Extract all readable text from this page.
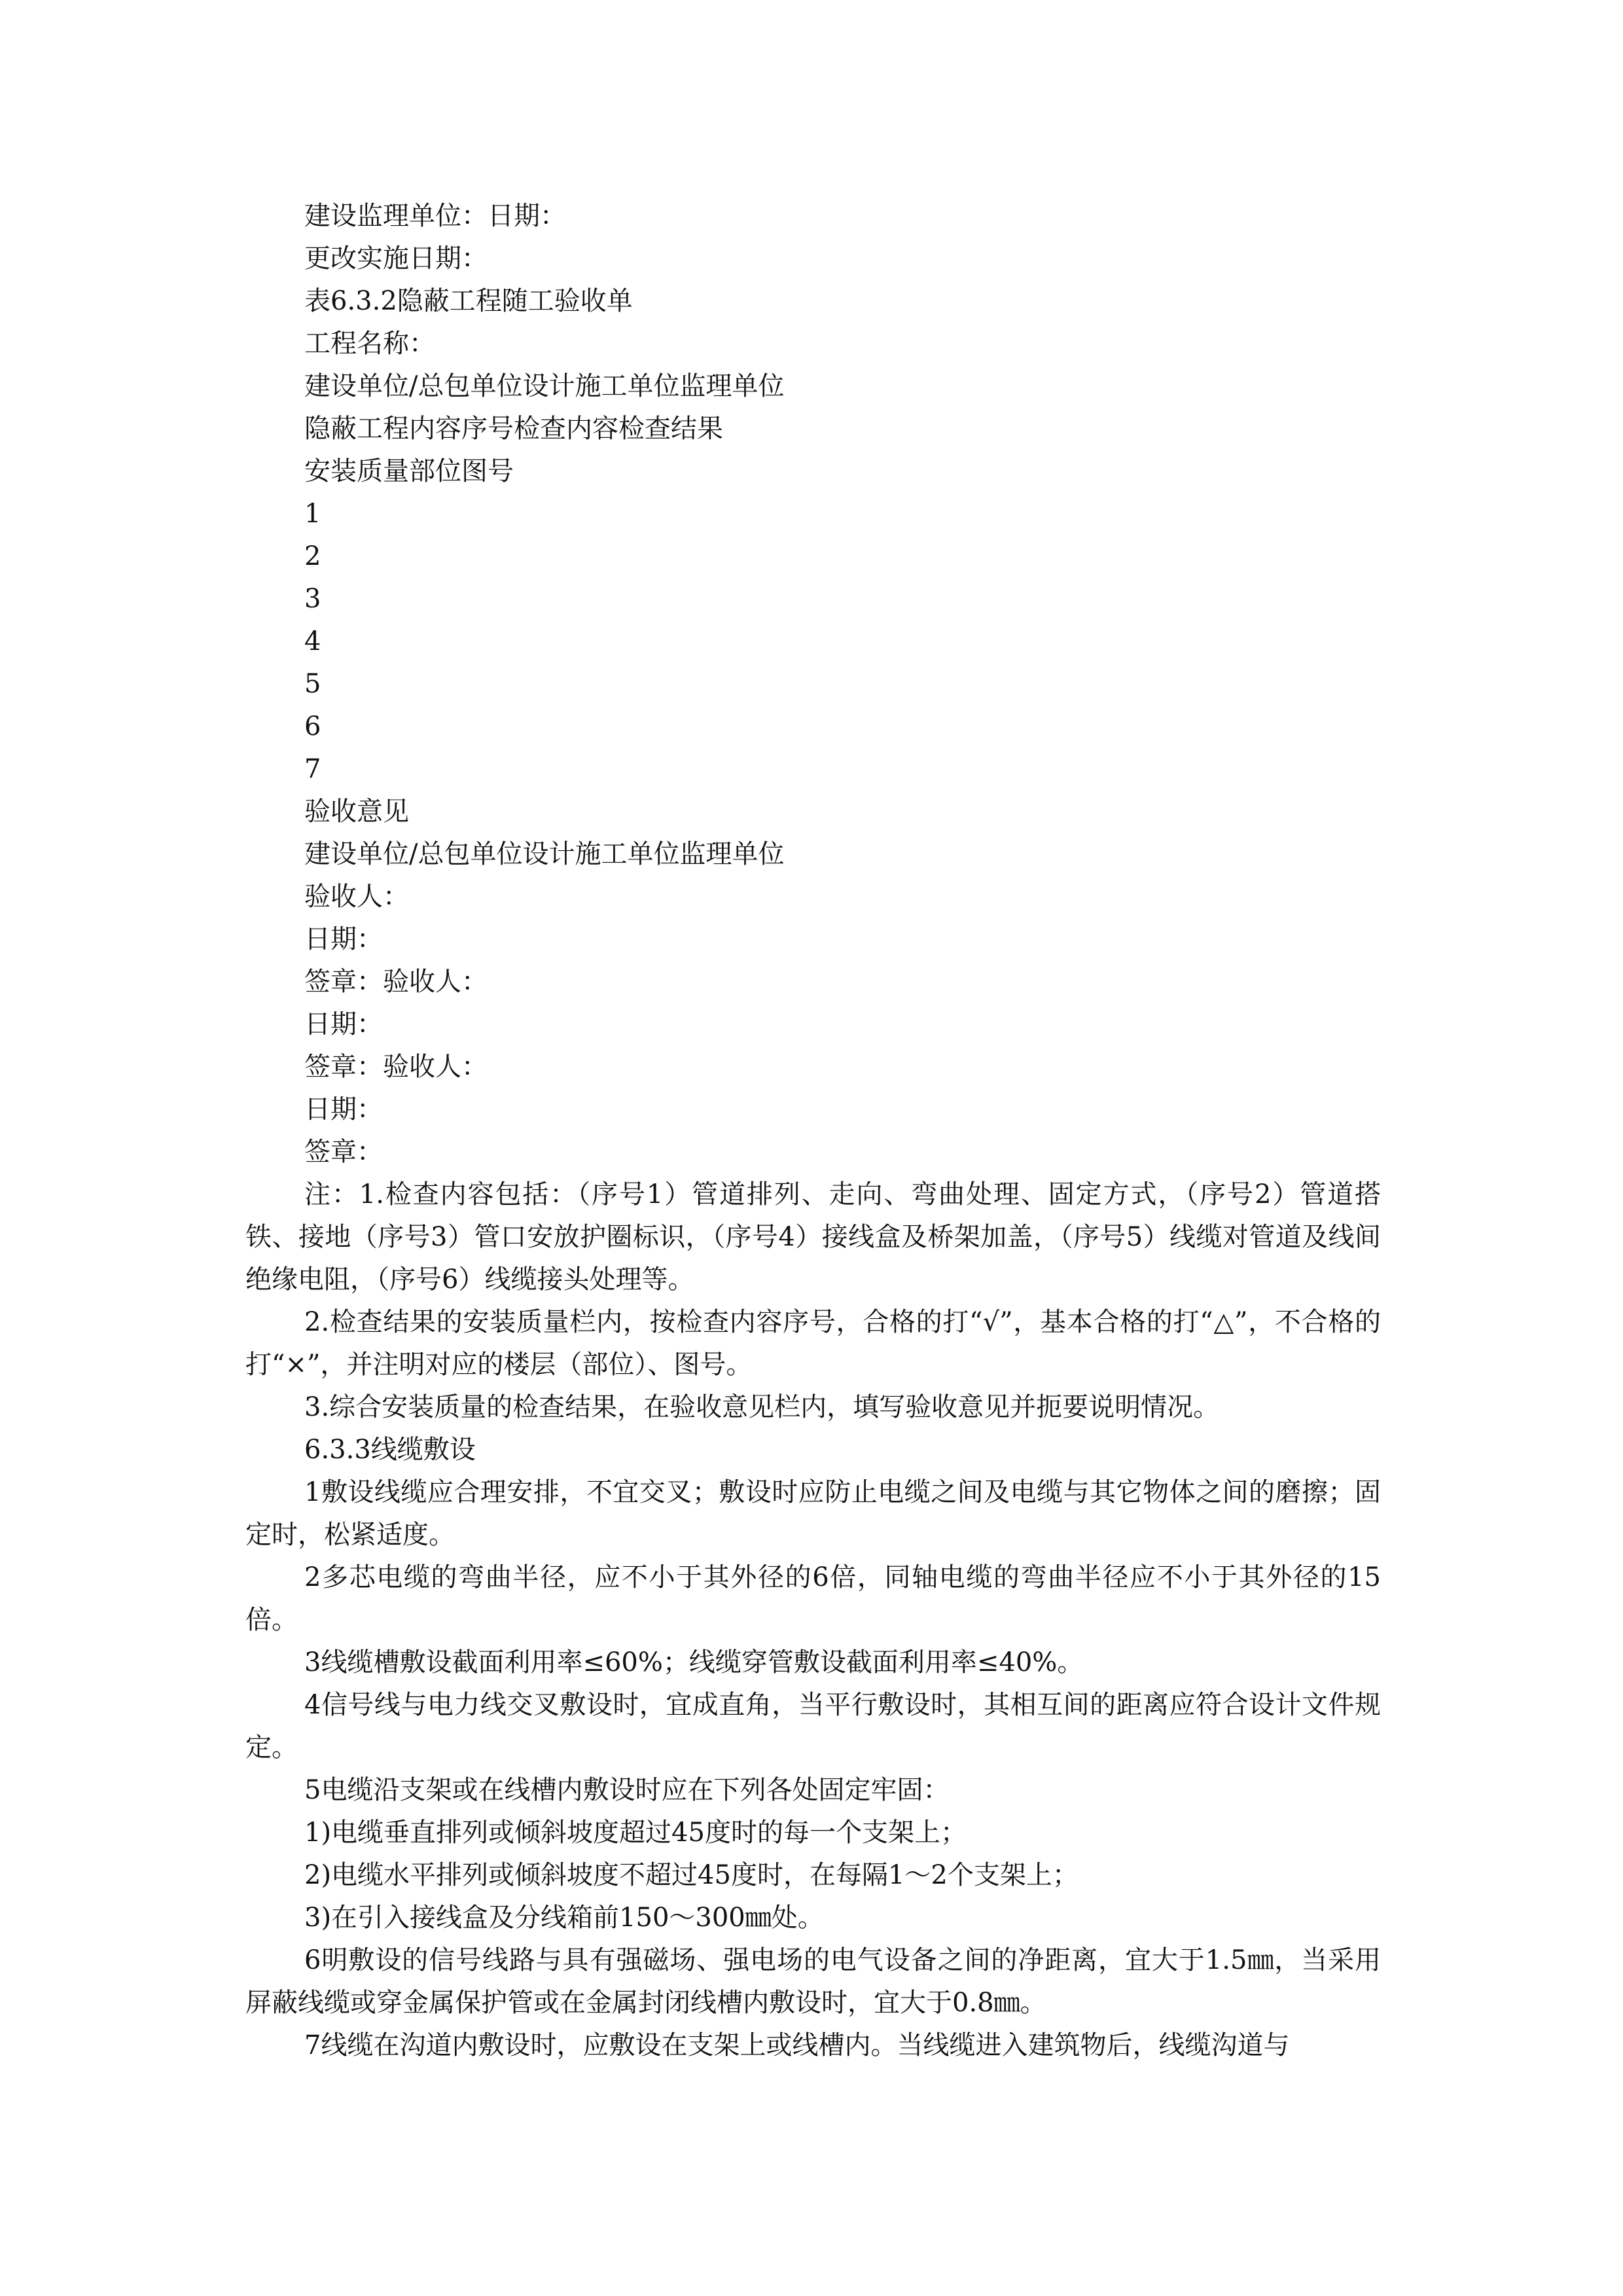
建设监理单位：日期：

更改实施日期：

表6.3.2隐蔽工程随工验收单

工程名称：

建设单位/总包单位设计施工单位监理单位

隐蔽工程内容序号检查内容检查结果

安装质量部位图号

1

2

3

4

5

6

7

验收意见

建设单位/总包单位设计施工单位监理单位

验收人：

日期：

签章：验收人：

日期：

签章：验收人：

日期：

签章：

注：1.检查内容包括：（序号1）管道排列、走向、弯曲处理、固定方式，（序号2）管道搭铁、接地（序号3）管口安放护圈标识，（序号4）接线盒及桥架加盖，（序号5）线缆对管道及线间绝缘电阻，（序号6）线缆接头处理等。

2.检查结果的安装质量栏内，按检查内容序号，合格的打“√”，基本合格的打“△”，不合格的打“×”，并注明对应的楼层（部位）、图号。

3.综合安装质量的检查结果，在验收意见栏内，填写验收意见并扼要说明情况。

6.3.3线缆敷设

1敷设线缆应合理安排，不宜交叉；敷设时应防止电缆之间及电缆与其它物体之间的磨擦；固定时，松紧适度。

2多芯电缆的弯曲半径，应不小于其外径的6倍，同轴电缆的弯曲半径应不小于其外径的15倍。

3线缆槽敷设截面利用率≤60%；线缆穿管敷设截面利用率≤40%。

4信号线与电力线交叉敷设时，宜成直角，当平行敷设时，其相互间的距离应符合设计文件规定。

5电缆沿支架或在线槽内敷设时应在下列各处固定牢固：

1)电缆垂直排列或倾斜坡度超过45度时的每一个支架上；

2)电缆水平排列或倾斜坡度不超过45度时，在每隔1～2个支架上；

3)在引入接线盒及分线箱前150～300㎜处。

6明敷设的信号线路与具有强磁场、强电场的电气设备之间的净距离，宜大于1.5㎜，当采用屏蔽线缆或穿金属保护管或在金属封闭线槽内敷设时，宜大于0.8㎜。

7线缆在沟道内敷设时，应敷设在支架上或线槽内。当线缆进入建筑物后，线缆沟道与
